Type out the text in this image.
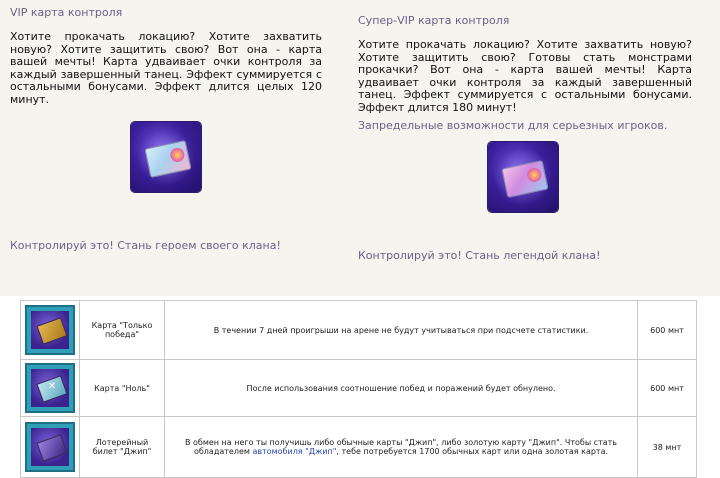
VIP карта контроля

Хотите прокачать локацию? Хотите захватить новую? Хотите защитить свою? Вот она - карта вашей мечты! Карта удваивает очки контроля за каждый завершенный танец. Эффект суммируется с остальными бонусами. Эффект длится целых 120 минут.

Контролируй это! Стань героем своего клана!
Супер-VIP карта контроля

Хотите прокачать локацию? Хотите захватить новую? Хотите защитить свою? Готовы стать монстрами прокачки? Вот она - карта вашей мечты! Карта удваивает очки контроля за каждый завершенный танец. Эффект суммируется с остальными бонусами. Эффект длится 180 минут!

Запредельные возможности для серьезных игроков.
Контролируй это! Стань легендой клана!
	Карта "Только победа"	В течении 7 дней проигрыши на арене не будут учитываться при подсчете статистики.	600 мнт

✕	Карта "Ноль"	После использования соотношение побед и поражений будет обнулено.	600 мнт

	Лотерейный билет "Джип"	В обмен на него ты получишь либо обычные карты "Джип", либо золотую карту "Джип". Чтобы стать обладателем автомобиля "Джип", тебе потребуется 1700 обычных карт или одна золотая карта.	38 мнт
